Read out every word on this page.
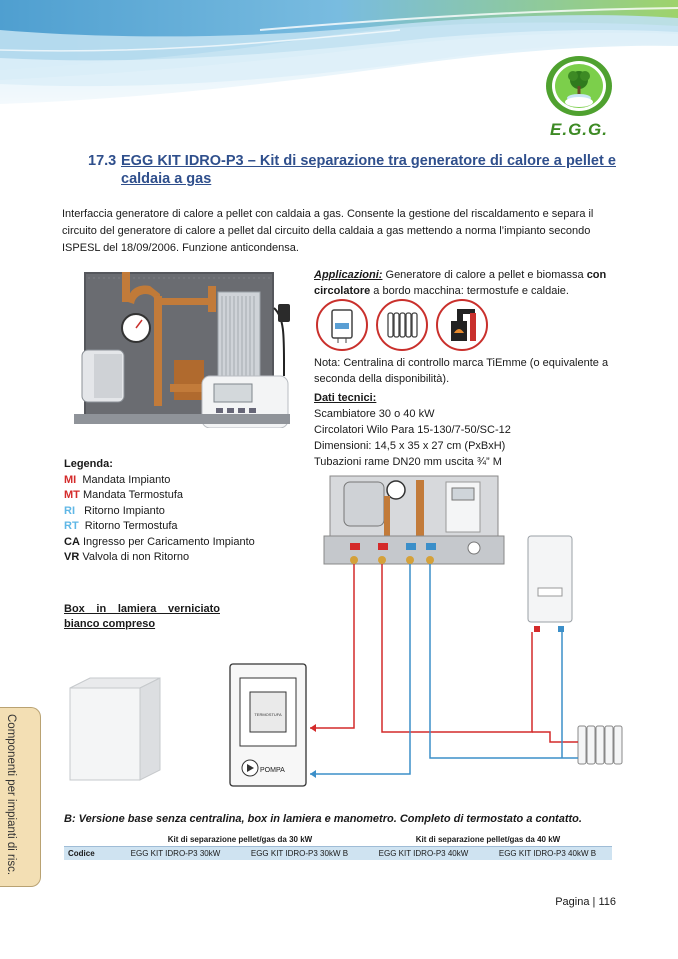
E.G.G.
17.3 EGG KIT IDRO-P3 – Kit di separazione tra generatore di calore a pellet e caldaia a gas
Interfaccia generatore di calore a pellet con caldaia a gas. Consente la gestione del riscaldamento e separa il circuito del generatore di calore a pellet dal circuito della caldaia a gas mettendo a norma l’impianto secondo ISPESL del 18/09/2006. Funzione anticondensa.
Applicazioni: Generatore di calore a pellet e biomassa con circolatore a bordo macchina: termostufe e caldaie.
Nota: Centralina di controllo marca TiEmme (o equivalente a seconda della disponibilità).
Dati tecnici:
Scambiatore 30 o 40 kW
Circolatori Wilo Para 15-130/7-50/SC-12
Dimensioni: 14,5 x 35 x 27 cm (PxBxH)
Tubazioni rame DN20 mm uscita ¾” M
Legenda:
MI Mandata Impianto
MT Mandata Termostufa
RI Ritorno Impianto
RT Ritorno Termostufa
CA Ingresso per Caricamento Impianto
VR Valvola di non Ritorno
Box in lamiera verniciato bianco compreso
TERMOSTUFA
POMPA
Componenti per impianti di risc.	B: Versione base senza centralina, box in lamiera e manometro. Completo di termostato a contatto.
	Kit di separazione pellet/gas da 30 kW		Kit di separazione pellet/gas da 40 kW	
Codice	EGG KIT IDRO-P3 30kW	EGG KIT IDRO-P3 30kW B	EGG KIT IDRO-P3 40kW	EGG KIT IDRO-P3 40kW B
Pagina | 116
